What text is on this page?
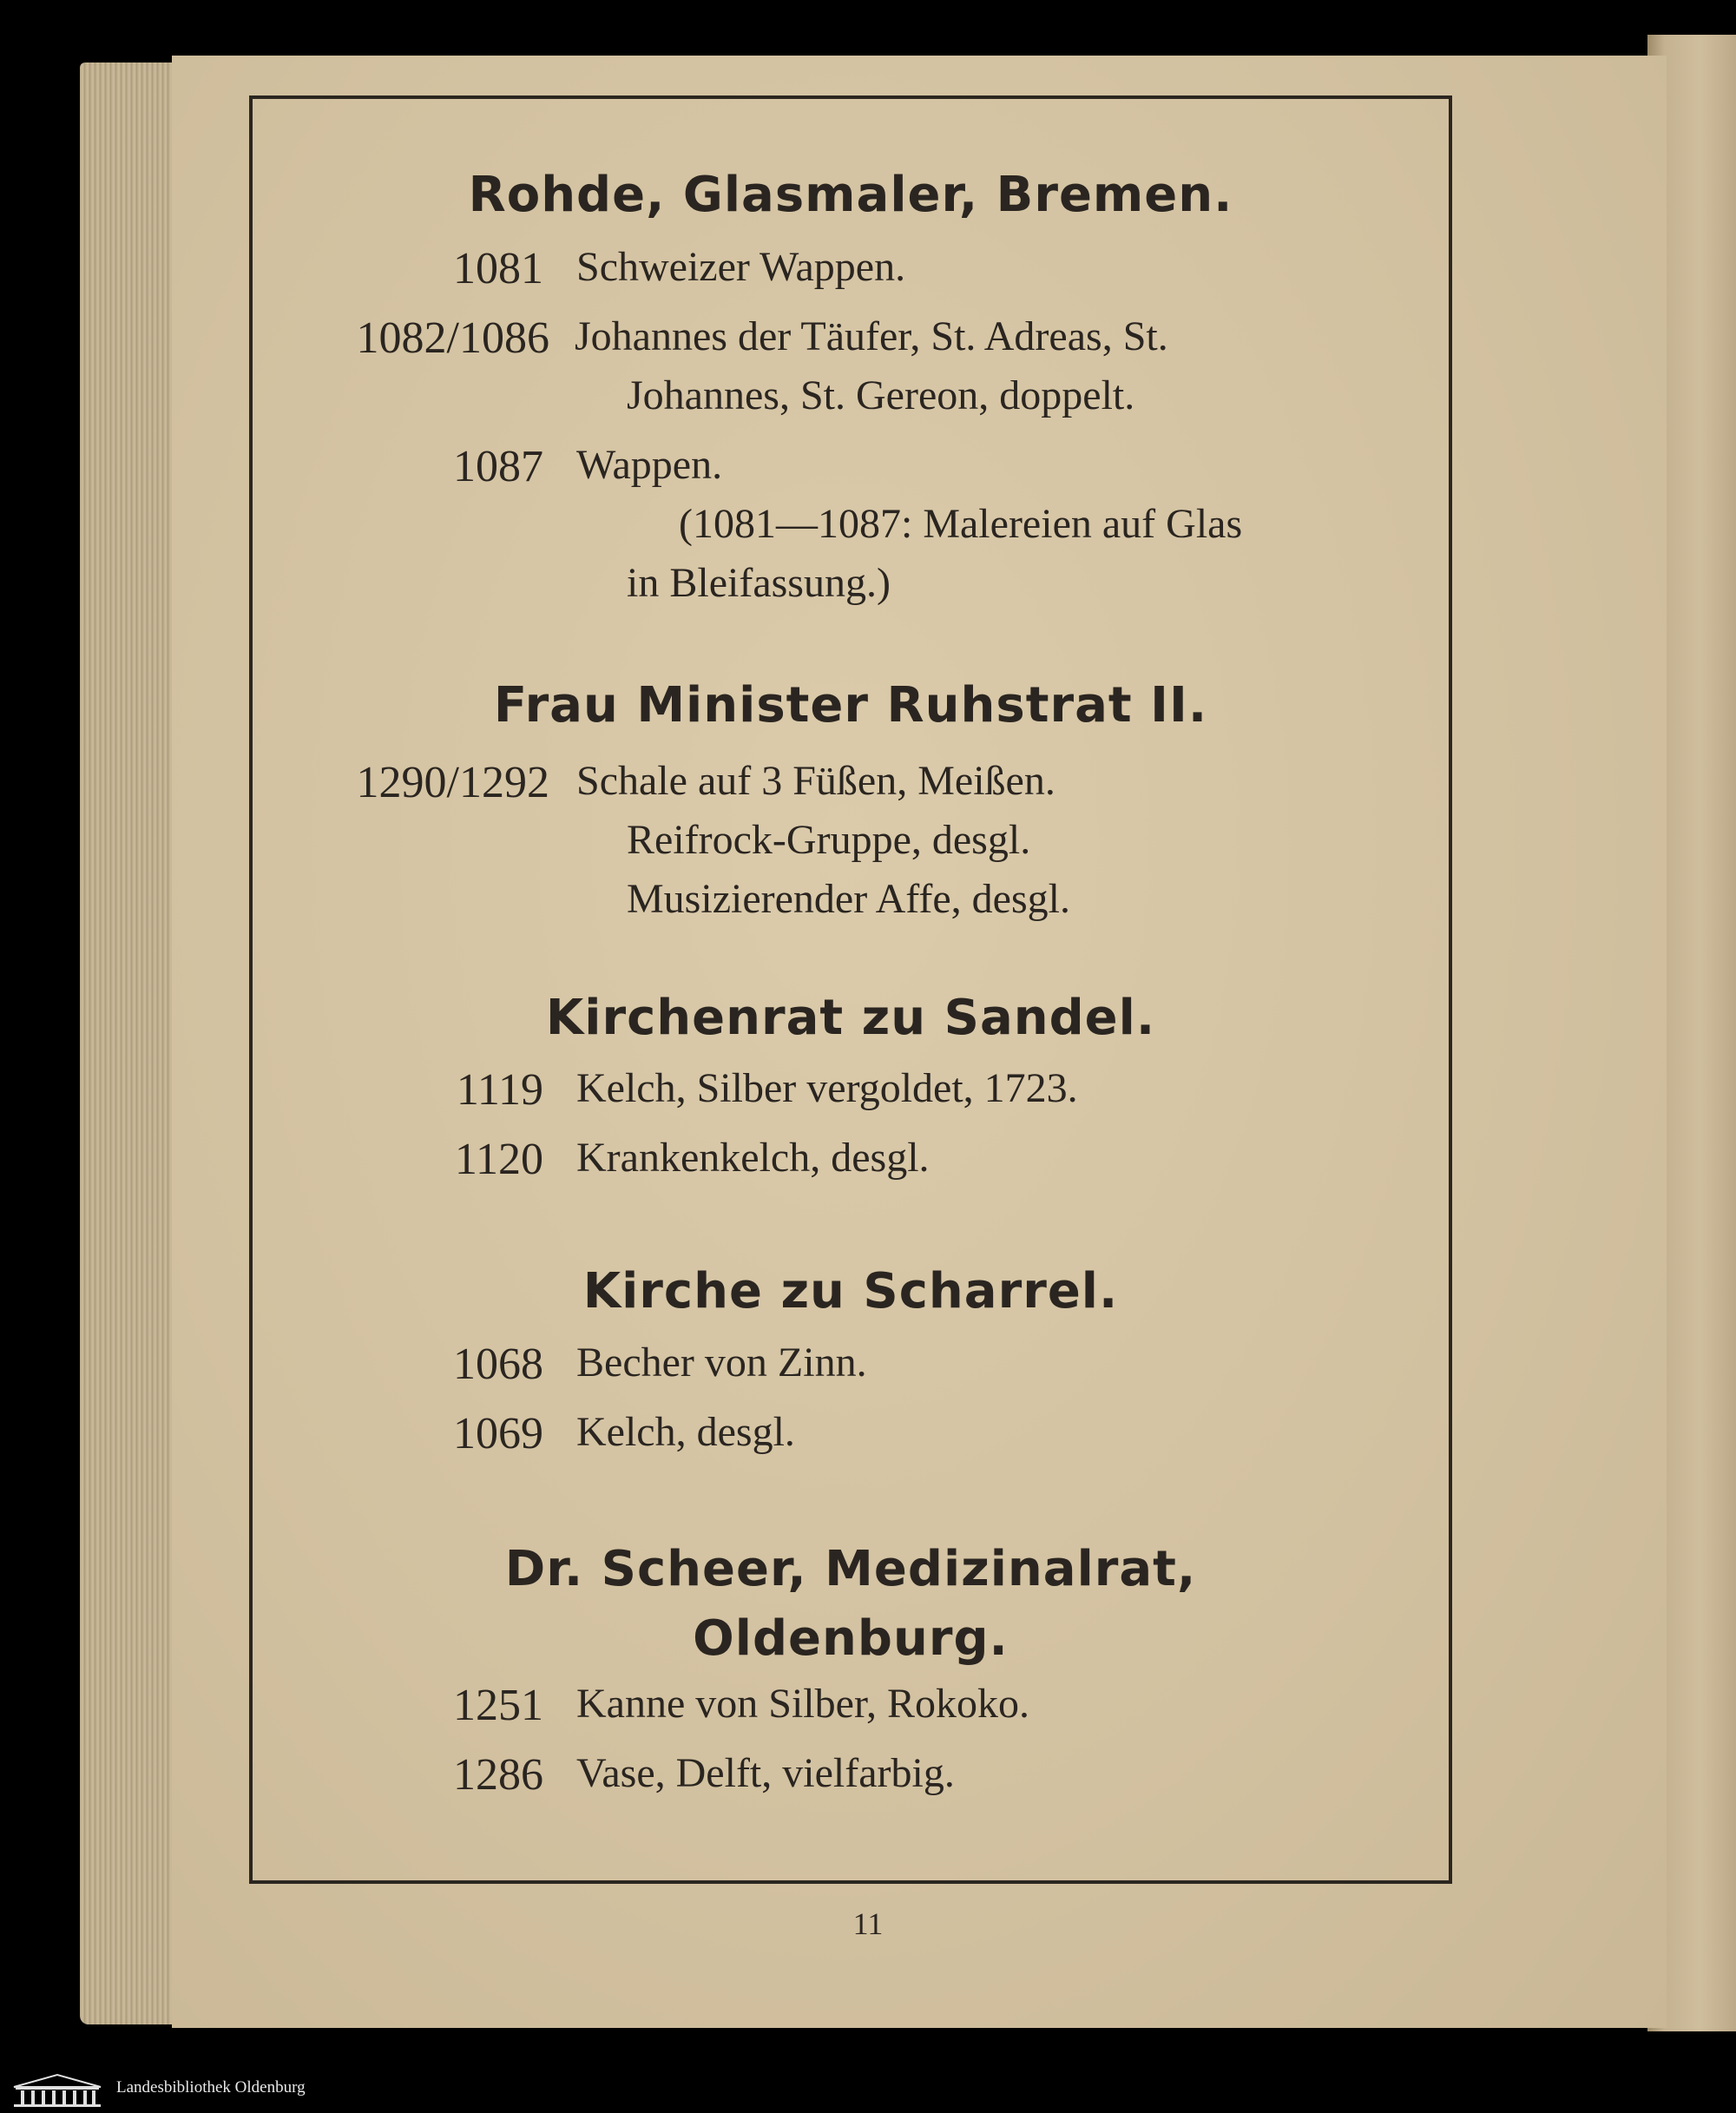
Rohde, Glasmaler, Bremen.
1081 Schweizer Wappen.
1082/1086 Johannes der Täufer, St. Adreas, St.
Johannes, St. Gereon, doppelt.
1087 Wappen.
(1081—1087: Malereien auf Glas
in Bleifassung.)
Frau Minister Ruhstrat II.
1290/1292 Schale auf 3 Füßen, Meißen.
Reifrock-Gruppe, desgl.
Musizierender Affe, desgl.
Kirchenrat zu Sandel.
1119 Kelch, Silber vergoldet, 1723.
1120 Krankenkelch, desgl.
Kirche zu Scharrel.
1068 Becher von Zinn.
1069 Kelch, desgl.
Dr. Scheer, Medizinalrat,
Oldenburg.
1251 Kanne von Silber, Rokoko.
1286 Vase, Delft, vielfarbig.
11
Landesbibliothek Oldenburg
